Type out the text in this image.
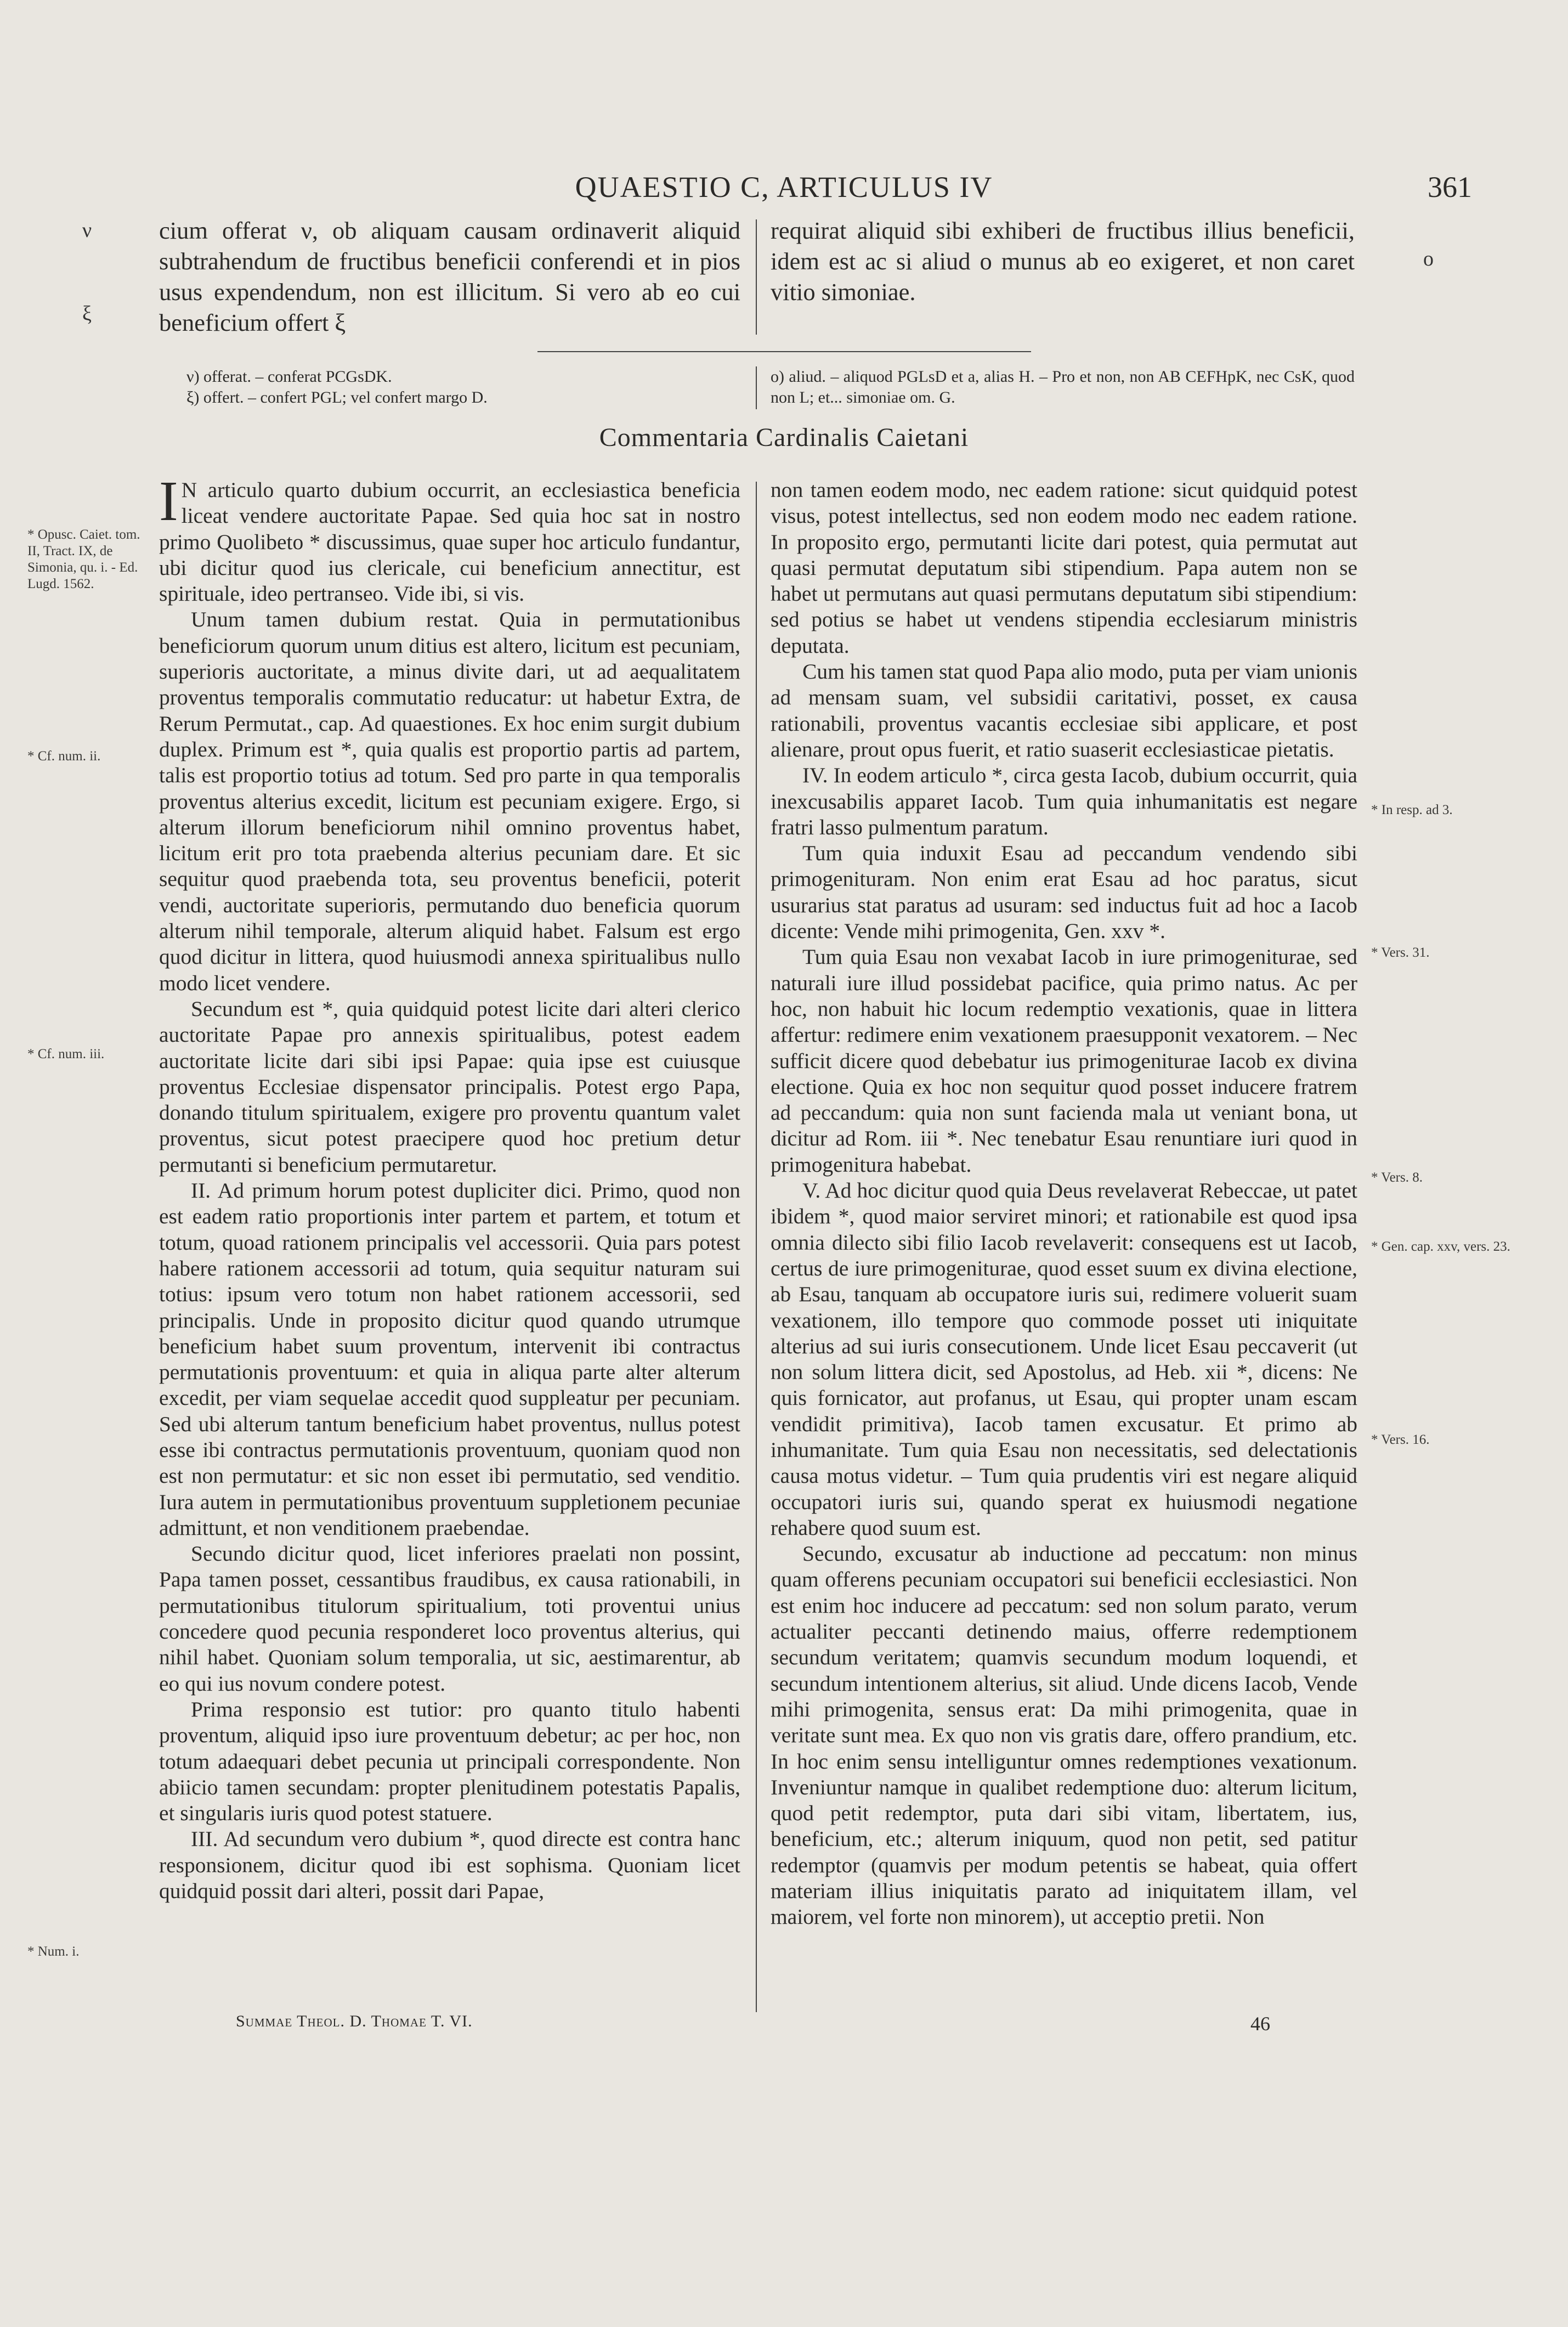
QUAESTIO C, ARTICULUS IV	361
ν
ξ
ο

cium offerat ν, ob aliquam causam ordinaverit aliquid subtrahendum de fructibus beneficii conferendi et in pios usus expendendum, non est illicitum. Si vero ab eo cui beneficium offert ξ

requirat aliquid sibi exhiberi de fructibus illius beneficii, idem est ac si aliud ο munus ab eo exigeret, et non caret vitio simoniae.

ν) offerat. – conferat PCGsDK.
ξ) offert. – confert PGL; vel confert margo D.
ο) aliud. – aliquod PGLsD et a, alias H. – Pro et non, non AB CEFHpK, nec CsK, quod non L; et... simoniae om. G.
Commentaria Cardinalis Caietani
* Opusc. Caiet. tom. II, Tract. IX, de Simonia, qu. i. - Ed. Lugd. 1562.
* Cf. num. ii.
* Cf. num. iii.
* Num. i.

I N articulo quarto dubium occurrit, an ecclesiastica beneficia liceat vendere auctoritate Papae. Sed quia hoc sat in nostro primo Quolibeto * discussimus, quae super hoc articulo fundantur, ubi dicitur quod ius clericale, cui beneficium annectitur, est spirituale, ideo pertranseo. Vide ibi, si vis.

Unum tamen dubium restat. Quia in permutationibus beneficiorum quorum unum ditius est altero, licitum est pecuniam, superioris auctoritate, a minus divite dari, ut ad aequalitatem proventus temporalis commutatio reducatur: ut habetur Extra, de Rerum Permutat., cap. Ad quaestiones. Ex hoc enim surgit dubium duplex. Primum est *, quia qualis est proportio partis ad partem, talis est proportio totius ad totum. Sed pro parte in qua temporalis proventus alterius excedit, licitum est pecuniam exigere. Ergo, si alterum illorum beneficiorum nihil omnino proventus habet, licitum erit pro tota praebenda alterius pecuniam dare. Et sic sequitur quod praebenda tota, seu proventus beneficii, poterit vendi, auctoritate superioris, permutando duo beneficia quorum alterum nihil temporale, alterum aliquid habet. Falsum est ergo quod dicitur in littera, quod huiusmodi annexa spiritualibus nullo modo licet vendere.

Secundum est *, quia quidquid potest licite dari alteri clerico auctoritate Papae pro annexis spiritualibus, potest eadem auctoritate licite dari sibi ipsi Papae: quia ipse est cuiusque proventus Ecclesiae dispensator principalis. Potest ergo Papa, donando titulum spiritualem, exigere pro proventu quantum valet proventus, sicut potest praecipere quod hoc pretium detur permutanti si beneficium permutaretur.

II. Ad primum horum potest dupliciter dici. Primo, quod non est eadem ratio proportionis inter partem et partem, et totum et totum, quoad rationem principalis vel accessorii. Quia pars potest habere rationem accessorii ad totum, quia sequitur naturam sui totius: ipsum vero totum non habet rationem accessorii, sed principalis. Unde in proposito dicitur quod quando utrumque beneficium habet suum proventum, intervenit ibi contractus permutationis proventuum: et quia in aliqua parte alter alterum excedit, per viam sequelae accedit quod suppleatur per pecuniam. Sed ubi alterum tantum beneficium habet proventus, nullus potest esse ibi contractus permutationis proventuum, quoniam quod non est non permutatur: et sic non esset ibi permutatio, sed venditio. Iura autem in permutationibus proventuum suppletionem pecuniae admittunt, et non venditionem praebendae.

Secundo dicitur quod, licet inferiores praelati non possint, Papa tamen posset, cessantibus fraudibus, ex causa rationabili, in permutationibus titulorum spiritualium, toti proventui unius concedere quod pecunia responderet loco proventus alterius, qui nihil habet. Quoniam solum temporalia, ut sic, aestimarentur, ab eo qui ius novum condere potest.

Prima responsio est tutior: pro quanto titulo habenti proventum, aliquid ipso iure proventuum debetur; ac per hoc, non totum adaequari debet pecunia ut principali correspondente. Non abiicio tamen secundam: propter plenitudinem potestatis Papalis, et singularis iuris quod potest statuere.

III. Ad secundum vero dubium *, quod directe est contra hanc responsionem, dicitur quod ibi est sophisma. Quoniam licet quidquid possit dari alteri, possit dari Papae,

non tamen eodem modo, nec eadem ratione: sicut quidquid potest visus, potest intellectus, sed non eodem modo nec eadem ratione. In proposito ergo, permutanti licite dari potest, quia permutat aut quasi permutat deputatum sibi stipendium. Papa autem non se habet ut permutans aut quasi permutans deputatum sibi stipendium: sed potius se habet ut vendens stipendia ecclesiarum ministris deputata.

Cum his tamen stat quod Papa alio modo, puta per viam unionis ad mensam suam, vel subsidii caritativi, posset, ex causa rationabili, proventus vacantis ecclesiae sibi applicare, et post alienare, prout opus fuerit, et ratio suaserit ecclesiasticae pietatis.

IV. In eodem articulo *, circa gesta Iacob, dubium occurrit, quia inexcusabilis apparet Iacob. Tum quia inhumanitatis est negare fratri lasso pulmentum paratum.

Tum quia induxit Esau ad peccandum vendendo sibi primogenituram. Non enim erat Esau ad hoc paratus, sicut usurarius stat paratus ad usuram: sed inductus fuit ad hoc a Iacob dicente: Vende mihi primogenita, Gen. xxv *.

Tum quia Esau non vexabat Iacob in iure primogeniturae, sed naturali iure illud possidebat pacifice, quia primo natus. Ac per hoc, non habuit hic locum redemptio vexationis, quae in littera affertur: redimere enim vexationem praesupponit vexatorem. – Nec sufficit dicere quod debebatur ius primogeniturae Iacob ex divina electione. Quia ex hoc non sequitur quod posset inducere fratrem ad peccandum: quia non sunt facienda mala ut veniant bona, ut dicitur ad Rom. iii *. Nec tenebatur Esau renuntiare iuri quod in primogenitura habebat.

V. Ad hoc dicitur quod quia Deus revelaverat Rebeccae, ut patet ibidem *, quod maior serviret minori; et rationabile est quod ipsa omnia dilecto sibi filio Iacob revelaverit: consequens est ut Iacob, certus de iure primogeniturae, quod esset suum ex divina electione, ab Esau, tanquam ab occupatore iuris sui, redimere voluerit suam vexationem, illo tempore quo commode posset uti iniquitate alterius ad sui iuris consecutionem. Unde licet Esau peccaverit (ut non solum littera dicit, sed Apostolus, ad Heb. xii *, dicens: Ne quis fornicator, aut profanus, ut Esau, qui propter unam escam vendidit primitiva), Iacob tamen excusatur. Et primo ab inhumanitate. Tum quia Esau non necessitatis, sed delectationis causa motus videtur. – Tum quia prudentis viri est negare aliquid occupatori iuris sui, quando sperat ex huiusmodi negatione rehabere quod suum est.

Secundo, excusatur ab inductione ad peccatum: non minus quam offerens pecuniam occupatori sui beneficii ecclesiastici. Non est enim hoc inducere ad peccatum: sed non solum parato, verum actualiter peccanti detinendo maius, offerre redemptionem secundum veritatem; quamvis secundum modum loquendi, et secundum intentionem alterius, sit aliud. Unde dicens Iacob, Vende mihi primogenita, sensus erat: Da mihi primogenita, quae in veritate sunt mea. Ex quo non vis gratis dare, offero prandium, etc. In hoc enim sensu intelliguntur omnes redemptiones vexationum. Inveniuntur namque in qualibet redemptione duo: alterum licitum, quod petit redemptor, puta dari sibi vitam, libertatem, ius, beneficium, etc.; alterum iniquum, quod non petit, sed patitur redemptor (quamvis per modum petentis se habeat, quia offert materiam illius iniquitatis parato ad iniquitatem illam, vel maiorem, vel forte non minorem), ut acceptio pretii. Non

* In resp. ad 3.
* Vers. 31.
* Vers. 8.
* Gen. cap. xxv, vers. 23.
* Vers. 16.
Summae Theol. D. Thomae T. VI.	46
